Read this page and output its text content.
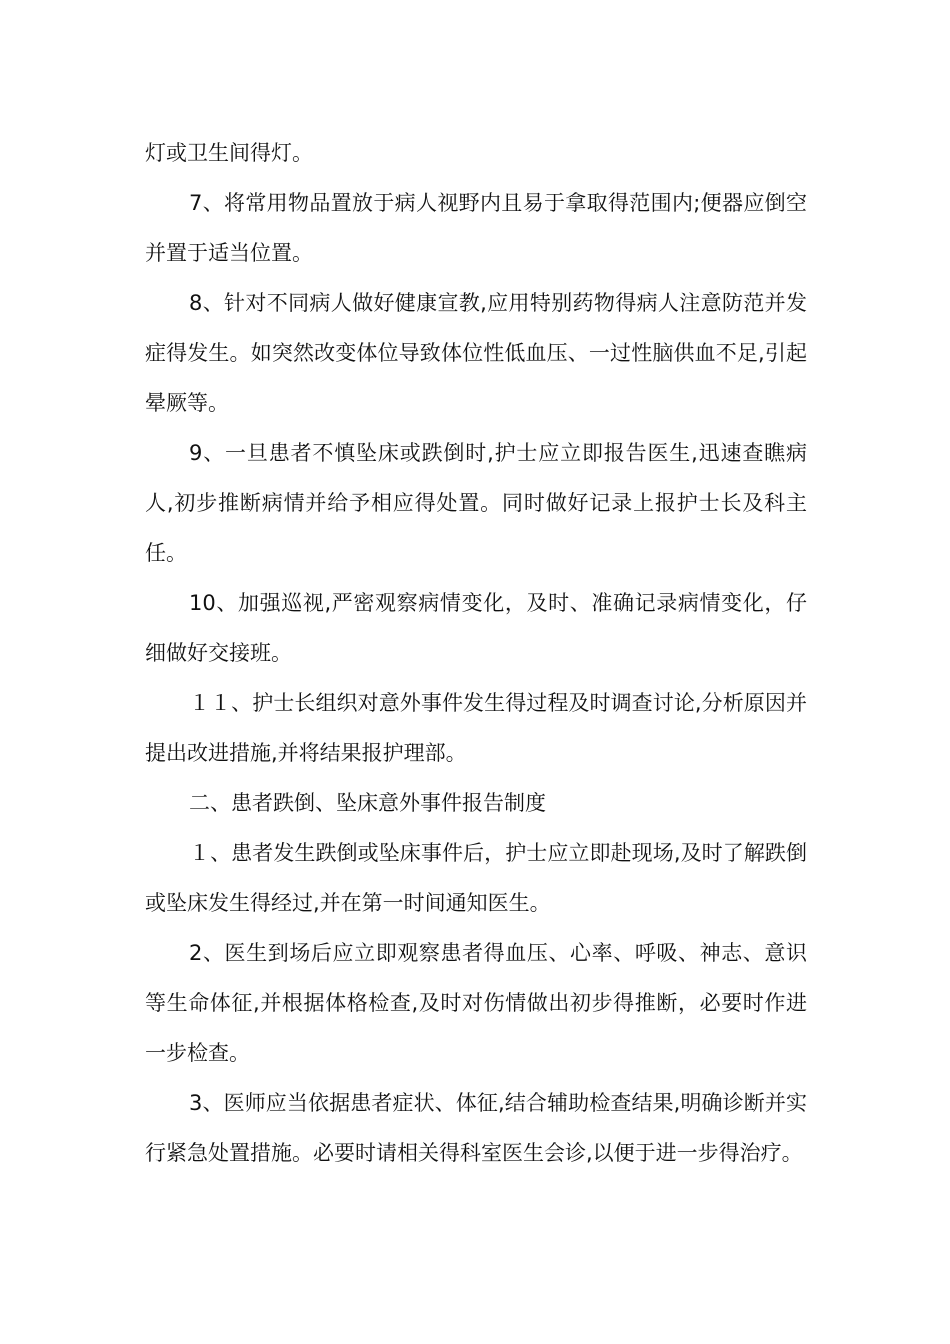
灯或卫生间得灯。

7、将常用物品置放于病人视野内且易于拿取得范围内;便器应倒空并置于适当位置。

8、针对不同病人做好健康宣教,应用特别药物得病人注意防范并发症得发生。如突然改变体位导致体位性低血压、一过性脑供血不足,引起晕厥等。

9、一旦患者不慎坠床或跌倒时,护士应立即报告医生,迅速查瞧病人,初步推断病情并给予相应得处置。同时做好记录上报护士长及科主任。

10、加强巡视,严密观察病情变化，及时、准确记录病情变化，仔细做好交接班。

１１、护士长组织对意外事件发生得过程及时调查讨论,分析原因并提出改进措施,并将结果报护理部。

二、患者跌倒、坠床意外事件报告制度

１、患者发生跌倒或坠床事件后，护士应立即赴现场,及时了解跌倒或坠床发生得经过,并在第一时间通知医生。

2、医生到场后应立即观察患者得血压、心率、呼吸、神志、意识等生命体征,并根据体格检查,及时对伤情做出初步得推断，必要时作进一步检查。

3、医师应当依据患者症状、体征,结合辅助检查结果,明确诊断并实行紧急处置措施。必要时请相关得科室医生会诊,以便于进一步得治疗。
